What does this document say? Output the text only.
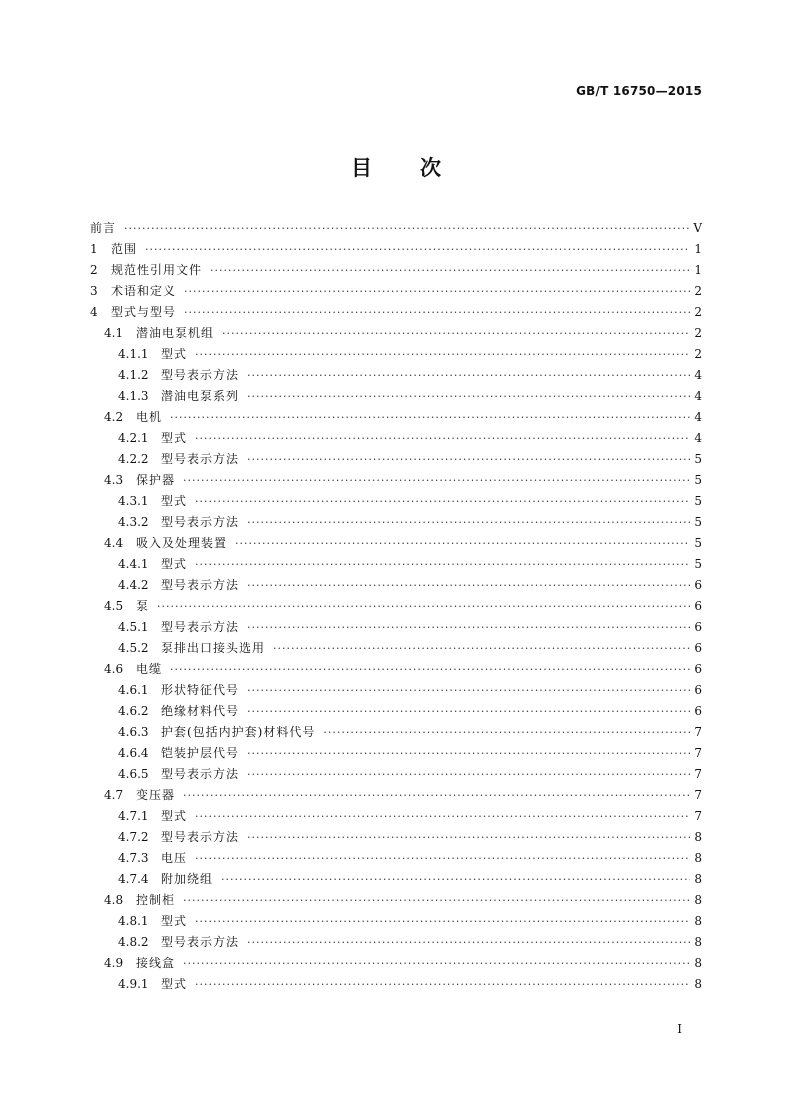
GB/T 16750—2015
目 次
前言 ·····	V
1	范围 ·····	1
2	规范性引用文件 ·····	1
3	术语和定义 ·····	2
4	型式与型号 ·····	2
4.1	潜油电泵机组 ·····	2
4.1.1	型式 ·····	2
4.1.2	型号表示方法 ·····	4
4.1.3	潜油电泵系列 ·····	4
4.2	电机 ·····	4
4.2.1	型式 ·····	4
4.2.2	型号表示方法 ·····	5
4.3	保护器 ·····	5
4.3.1	型式 ·····	5
4.3.2	型号表示方法 ·····	5
4.4	吸入及处理装置 ·····	5
4.4.1	型式 ·····	5
4.4.2	型号表示方法 ·····	6
4.5	泵 ·····	6
4.5.1	型号表示方法 ·····	6
4.5.2	泵排出口接头选用 ·····	6
4.6	电缆 ·····	6
4.6.1	形状特征代号 ·····	6
4.6.2	绝缘材料代号 ·····	6
4.6.3	护套(包括内护套)材料代号 ·····	7
4.6.4	铠装护层代号 ·····	7
4.6.5	型号表示方法 ·····	7
4.7	变压器 ·····	7
4.7.1	型式 ·····	7
4.7.2	型号表示方法 ·····	8
4.7.3	电压 ·····	8
4.7.4	附加绕组 ·····	8
4.8	控制柜 ·····	8
4.8.1	型式 ·····	8
4.8.2	型号表示方法 ·····	8
4.9	接线盒 ·····	8
4.9.1	型式 ·····	8
I
